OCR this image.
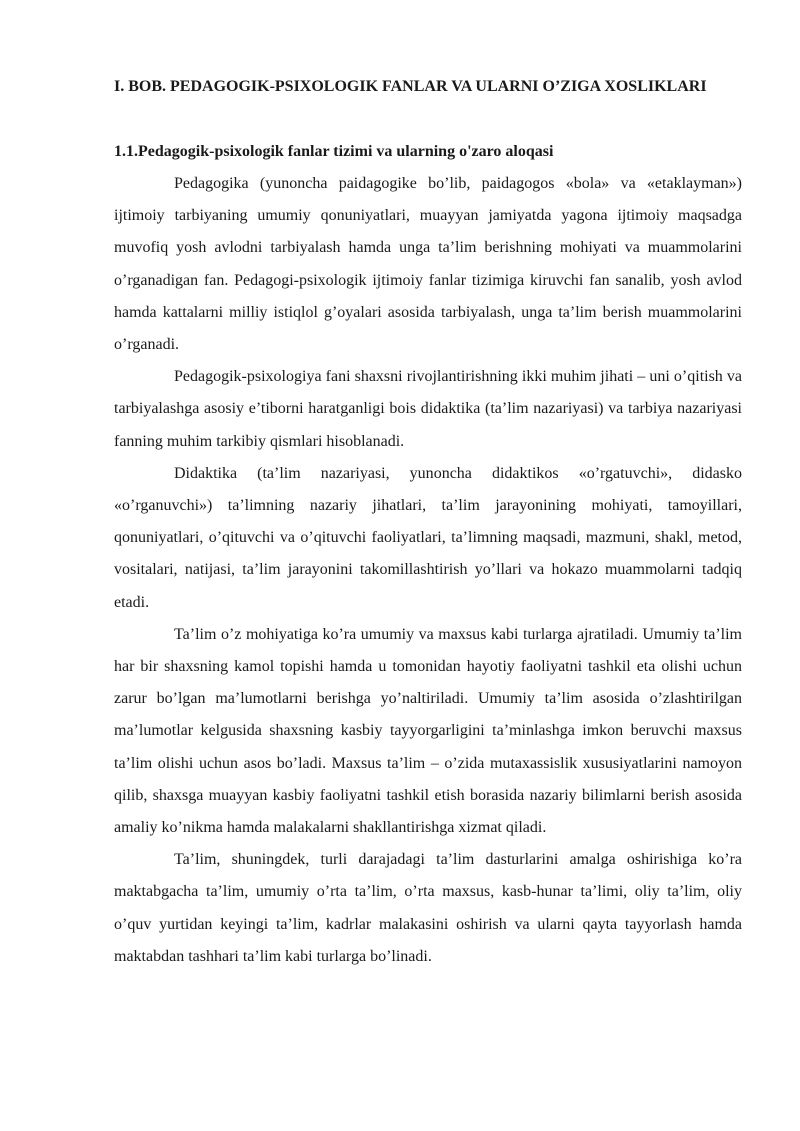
I. BOB. PEDAGOGIK-PSIXOLOGIK FANLAR VA ULARNI O’ZIGA XOSLIKLARI
1.1.Pedagogik-psixologik fanlar tizimi va ularning o'zaro aloqasi

Pedagogika (yunoncha paidagogike bo’lib, paidagogos «bola» va «etaklayman») ijtimoiy tarbiyaning umumiy qonuniyatlari, muayyan jamiyatda yagona ijtimoiy maqsadga muvofiq yosh avlodni tarbiyalash hamda unga ta’lim berishning mohiyati va muammolarini o’rganadigan fan. Pedagogi-psixologik ijtimoiy fanlar tizimiga kiruvchi fan sanalib, yosh avlod hamda kattalarni milliy istiqlol g’oyalari asosida tarbiyalash, unga ta’lim berish muammolarini o’rganadi.

Pedagogik-psixologiya fani shaxsni rivojlantirishning ikki muhim jihati – uni o’qitish va tarbiyalashga asosiy e’tiborni haratganligi bois didaktika (ta’lim nazariyasi) va tarbiya nazariyasi fanning muhim tarkibiy qismlari hisoblanadi.

Didaktika (ta’lim nazariyasi, yunoncha didaktikos «o’rgatuvchi», didasko «o’rganuvchi») ta’limning nazariy jihatlari, ta’lim jarayonining mohiyati, tamoyillari, qonuniyatlari, o’qituvchi va o’qituvchi faoliyatlari, ta’limning maqsadi, mazmuni, shakl, metod, vositalari, natijasi, ta’lim jarayonini takomillashtirish yo’llari va hokazo muammolarni tadqiq etadi.

Ta’lim o’z mohiyatiga ko’ra umumiy va maxsus kabi turlarga ajratiladi. Umumiy ta’lim har bir shaxsning kamol topishi hamda u tomonidan hayotiy faoliyatni tashkil eta olishi uchun zarur bo’lgan ma’lumotlarni berishga yo’naltiriladi. Umumiy ta’lim asosida o’zlashtirilgan ma’lumotlar kelgusida shaxsning kasbiy tayyorgarligini ta’minlashga imkon beruvchi maxsus ta’lim olishi uchun asos bo’ladi. Maxsus ta’lim – o’zida mutaxassislik xususiyatlarini namoyon qilib, shaxsga muayyan kasbiy faoliyatni tashkil etish borasida nazariy bilimlarni berish asosida amaliy ko’nikma hamda malakalarni shakllantirishga xizmat qiladi.

Ta’lim, shuningdek, turli darajadagi ta’lim dasturlarini amalga oshirishiga ko’ra maktabgacha ta’lim, umumiy o’rta ta’lim, o’rta maxsus, kasb-hunar ta’limi, oliy ta’lim, oliy o’quv yurtidan keyingi ta’lim, kadrlar malakasini oshirish va ularni qayta tayyorlash hamda maktabdan tashhari ta’lim kabi turlarga bo’linadi.
